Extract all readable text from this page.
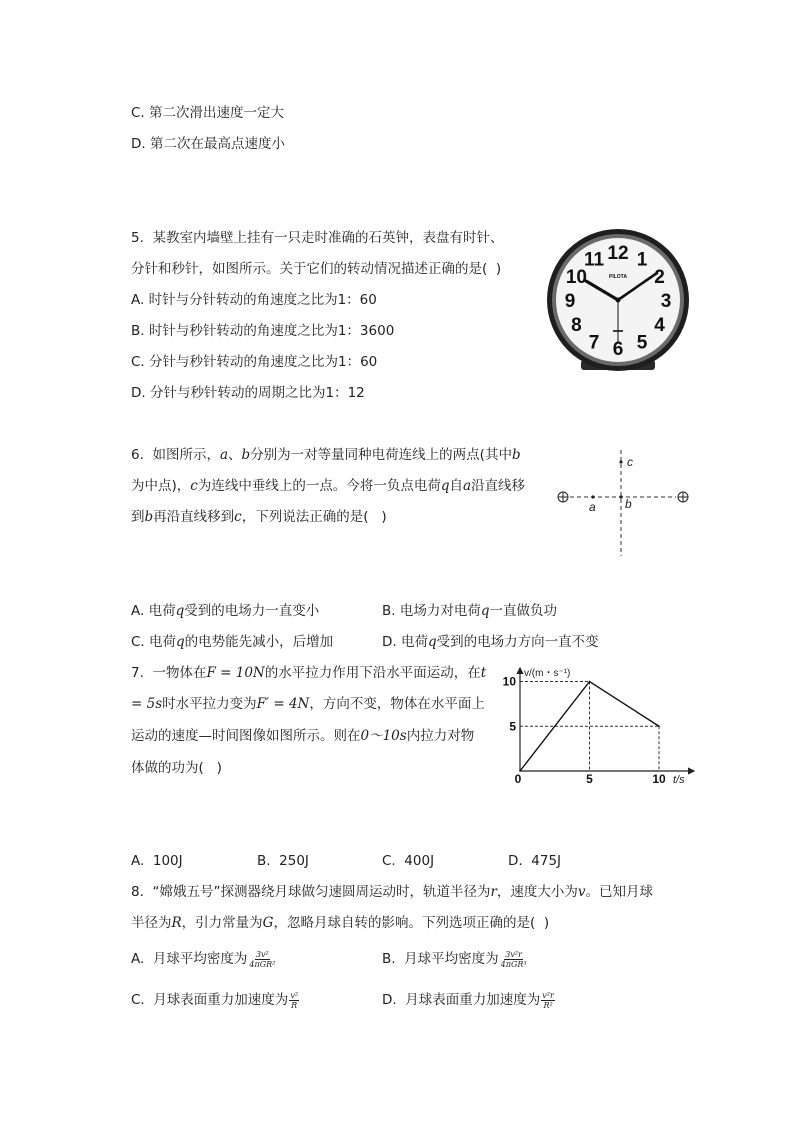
C. 第二次滑出速度一定大
D. 第二次在最高点速度小
5.  某教室内墙壁上挂有一只走时准确的石英钟，表盘有时针、
分针和秒针，如图所示。关于它们的转动情况描述正确的是(  )
A. 时针与分针转动的角速度之比为1：60
B. 时针与秒针转动的角速度之比为1：3600
C. 分针与秒针转动的角速度之比为1：60
D. 分针与秒针转动的周期之比为1：12
12 1
2
3
4
5
6
7
8
9
10
11
PILOTA
6.  如图所示，a、b分别为一对等量同种电荷连线上的两点(其中b
为中点)，c为连线中垂线上的一点。今将一负点电荷q自a沿直线移
到b再沿直线移到c，下列说法正确的是(   )
c
a b
A. 电荷q受到的电场力一直变小	B. 电场力对电荷q一直做负功
C. 电荷q的电势能先减小，后增加	D. 电荷q受到的电场力方向一直不变
7.  一物体在F = 10N的水平拉力作用下沿水平面运动，在t
= 5s时水平拉力变为F′ = 4N，方向不变，物体在水平面上
运动的速度—时间图像如图所示。则在0～10s内拉力对物
体做的功为(   )
0	5	10
5
10
v/(m・s⁻¹)
t/s
A.  100J	B.  250J	C.  400J	D.  475J
8.  “嫦娥五号”探测器绕月球做匀速圆周运动时，轨道半径为r，速度大小为v。已知月球
半径为R，引力常量为G，忽略月球自转的影响。下列选项正确的是(  )
A.  月球平均密度为 $\frac{\text{3v²}}{\text{4πGR²}}$	B.  月球平均密度为 $\frac{\text{3v²r}}{\text{4πGR³}}$
C.  月球表面重力加速度为 $\frac{\text{v²}}{R}$	D.  月球表面重力加速度为 $\frac{\text{v²r}}{\text{R²}}$
